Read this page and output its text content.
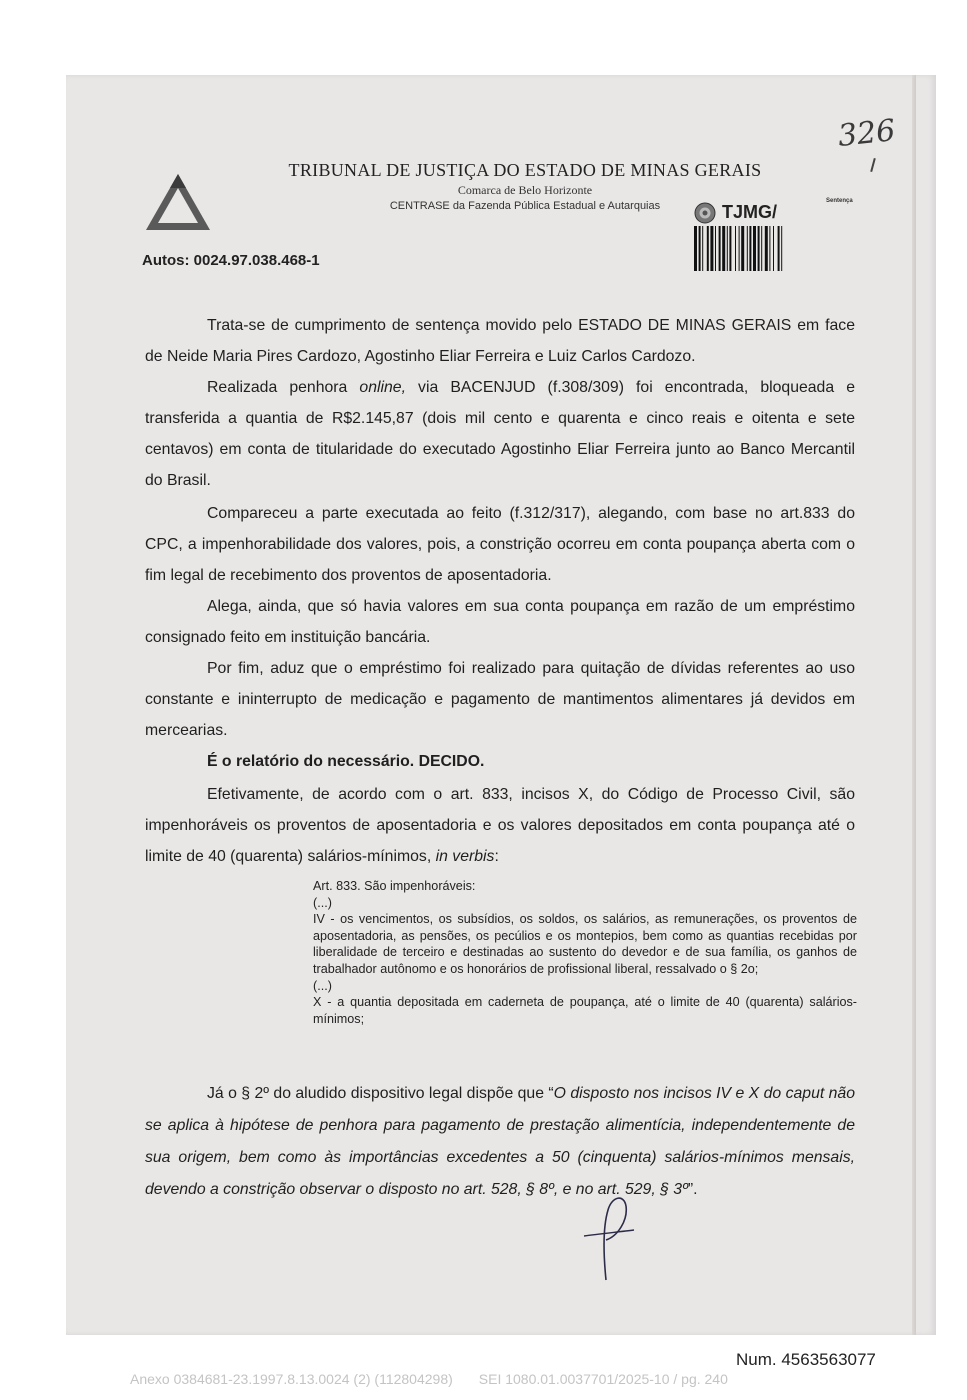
TRIBUNAL DE JUSTIÇA DO ESTADO DE MINAS GERAIS
Comarca de Belo Horizonte
CENTRASE da Fazenda Pública Estadual e Autarquias
326
TJMG/
Sentença
Autos: 0024.97.038.468-1
Trata-se de cumprimento de sentença movido pelo ESTADO DE MINAS GERAIS em face de Neide Maria Pires Cardozo, Agostinho Eliar Ferreira e Luiz Carlos Cardozo.
Realizada penhora online, via BACENJUD (f.308/309) foi encontrada, bloqueada e transferida a quantia de R$2.145,87 (dois mil cento e quarenta e cinco reais e oitenta e sete centavos) em conta de titularidade do executado Agostinho Eliar Ferreira junto ao Banco Mercantil do Brasil.
Compareceu a parte executada ao feito (f.312/317), alegando, com base no art.833 do CPC, a impenhorabilidade dos valores, pois, a constrição ocorreu em conta poupança aberta com o fim legal de recebimento dos proventos de aposentadoria.
Alega, ainda, que só havia valores em sua conta poupança em razão de um empréstimo consignado feito em instituição bancária.
Por fim, aduz que o empréstimo foi realizado para quitação de dívidas referentes ao uso constante e ininterrupto de medicação e pagamento de mantimentos alimentares já devidos em mercearias.
É o relatório do necessário. DECIDO.
Efetivamente, de acordo com o art. 833, incisos X, do Código de Processo Civil, são impenhoráveis os proventos de aposentadoria e os valores depositados em conta poupança até o limite de 40 (quarenta) salários-mínimos, in verbis:
Art. 833. São impenhoráveis:
(...)
IV - os vencimentos, os subsídios, os soldos, os salários, as remunerações, os proventos de aposentadoria, as pensões, os pecúlios e os montepios, bem como as quantias recebidas por liberalidade de terceiro e destinadas ao sustento do devedor e de sua família, os ganhos de trabalhador autônomo e os honorários de profissional liberal, ressalvado o § 2o;
(...)
X - a quantia depositada em caderneta de poupança, até o limite de 40 (quarenta) salários-mínimos;
Já o § 2º do aludido dispositivo legal dispõe que “O disposto nos incisos IV e X do caput não se aplica à hipótese de penhora para pagamento de prestação alimentícia, independentemente de sua origem, bem como às importâncias excedentes a 50 (cinquenta) salários-mínimos mensais, devendo a constrição observar o disposto no art. 528, § 8º, e no art. 529, § 3º”.
Num. 4563563077
Anexo 0384681-23.1997.8.13.0024 (2) (112804298) SEI 1080.01.0037701/2025-10 / pg. 240
